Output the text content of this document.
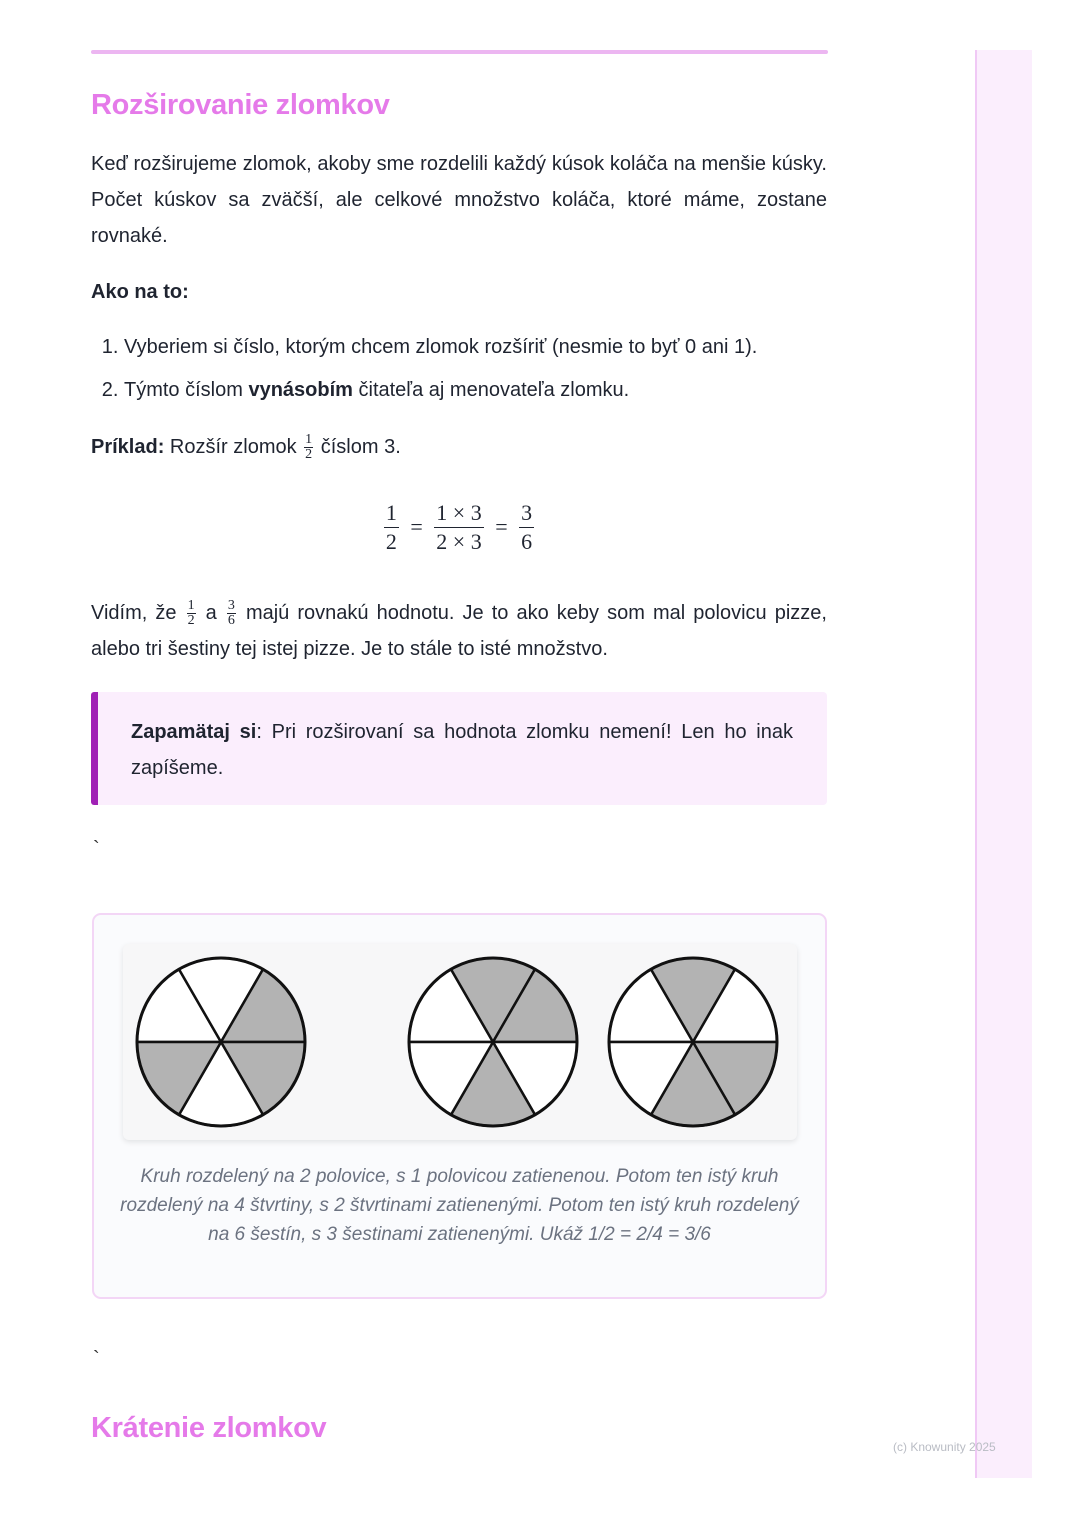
Rozširovanie zlomkov

Keď rozširujeme zlomok, akoby sme rozdelili každý kúsok koláča na menšie kúsky. Počet kúskov sa zväčší, ale celkové množstvo koláča, ktoré máme, zostane rovnaké.

Ako na to:

1. Vyberiem si číslo, ktorým chcem zlomok rozšíriť (nesmie to byť 0 ani 1).
2. Týmto číslom vynásobím čitateľa aj menovateľa zlomku.

Príklad: Rozšír zlomok $\frac{1}{2}$ číslom 3.

$\frac{1}{2} = \frac{1 \times 3}{2 \times 3} = \frac{3}{6}$

Vidím, že $\frac{1}{2}$ a $\frac{3}{6}$ majú rovnakú hodnotu. Je to ako keby som mal polovicu pizze, alebo tri šestiny tej istej pizze. Je to stále to isté množstvo.

Zapamätaj si: Pri rozširovaní sa hodnota zlomku nemení! Len ho inak zapíšeme.
`
Kruh rozdelený na 2 polovice, s 1 polovicou zatienenou. Potom ten istý kruh rozdelený na 4 štvrtiny, s 2 štvrtinami zatienenými. Potom ten istý kruh rozdelený na 6 šestín, s 3 šestinami zatienenými. Ukáž 1/2 = 2/4 = 3/6
`
Krátenie zlomkov
(c) Knowunity 2025
